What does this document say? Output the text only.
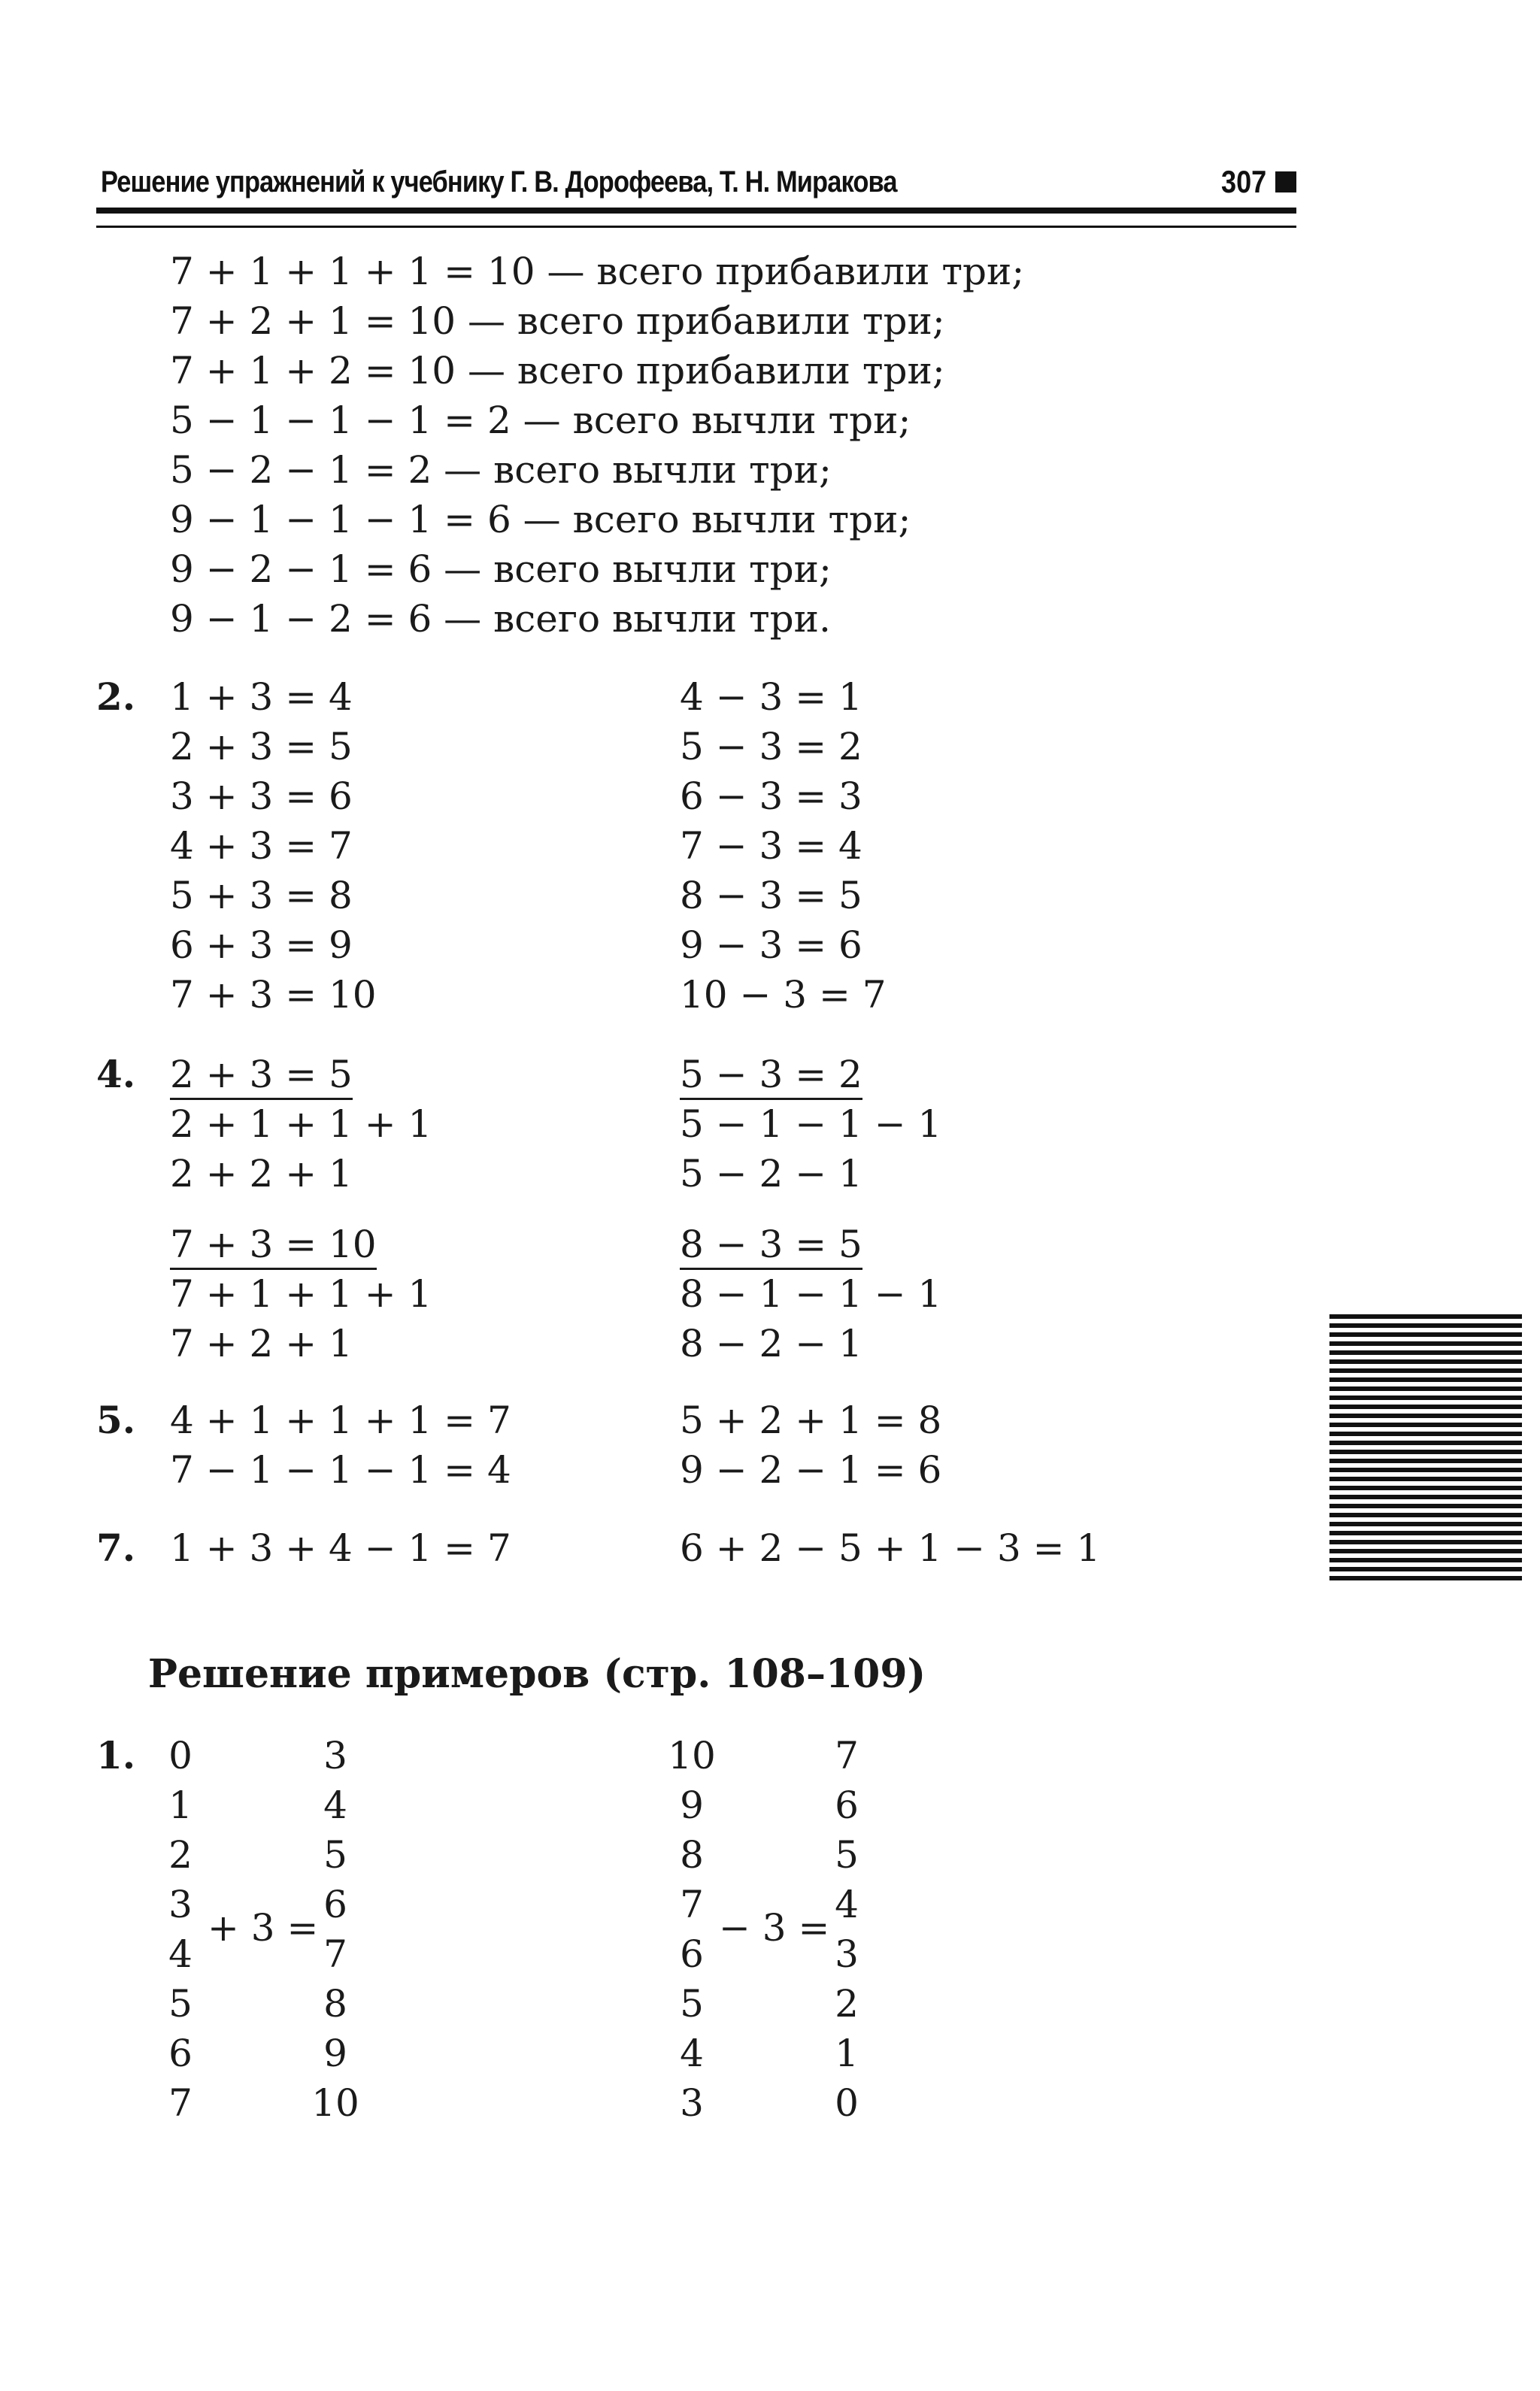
Решение упражнений к учебнику Г. В. Дорофеева, Т. Н. Миракова	307
7 + 1 + 1 + 1 = 10 — всего прибавили три;
7 + 2 + 1 = 10 — всего прибавили три;
7 + 1 + 2 = 10 — всего прибавили три;
5 − 1 − 1 − 1 = 2 — всего вычли три;
5 − 2 − 1 = 2 — всего вычли три;
9 − 1 − 1 − 1 = 6 — всего вычли три;
9 − 2 − 1 = 6 — всего вычли три;
9 − 1 − 2 = 6 — всего вычли три.
2. 1 + 3 = 4
2 + 3 = 5
3 + 3 = 6
4 + 3 = 7
5 + 3 = 8
6 + 3 = 9
7 + 3 = 10
4 − 3 = 1
5 − 3 = 2
6 − 3 = 3
7 − 3 = 4
8 − 3 = 5
9 − 3 = 6
10 − 3 = 7
4. 2 + 3 = 5
2 + 1 + 1 + 1
2 + 2 + 1
5 − 3 = 2
5 − 1 − 1 − 1
5 − 2 − 1
7 + 3 = 10
7 + 1 + 1 + 1
7 + 2 + 1
8 − 3 = 5
8 − 1 − 1 − 1
8 − 2 − 1
5. 4 + 1 + 1 + 1 = 7
7 − 1 − 1 − 1 = 4
5 + 2 + 1 = 8
9 − 2 − 1 = 6
7. 1 + 3 + 4 − 1 = 7	6 + 2 − 5 + 1 − 3 = 1
Решение примеров (стр. 108–109)
1. 0
1
2
3
4
5
6
7
+ 3 =
3
4
5
6
7
8
9
10
10
9
8
7
6
5
4
3
− 3 =
7
6
5
4
3
2
1
0
